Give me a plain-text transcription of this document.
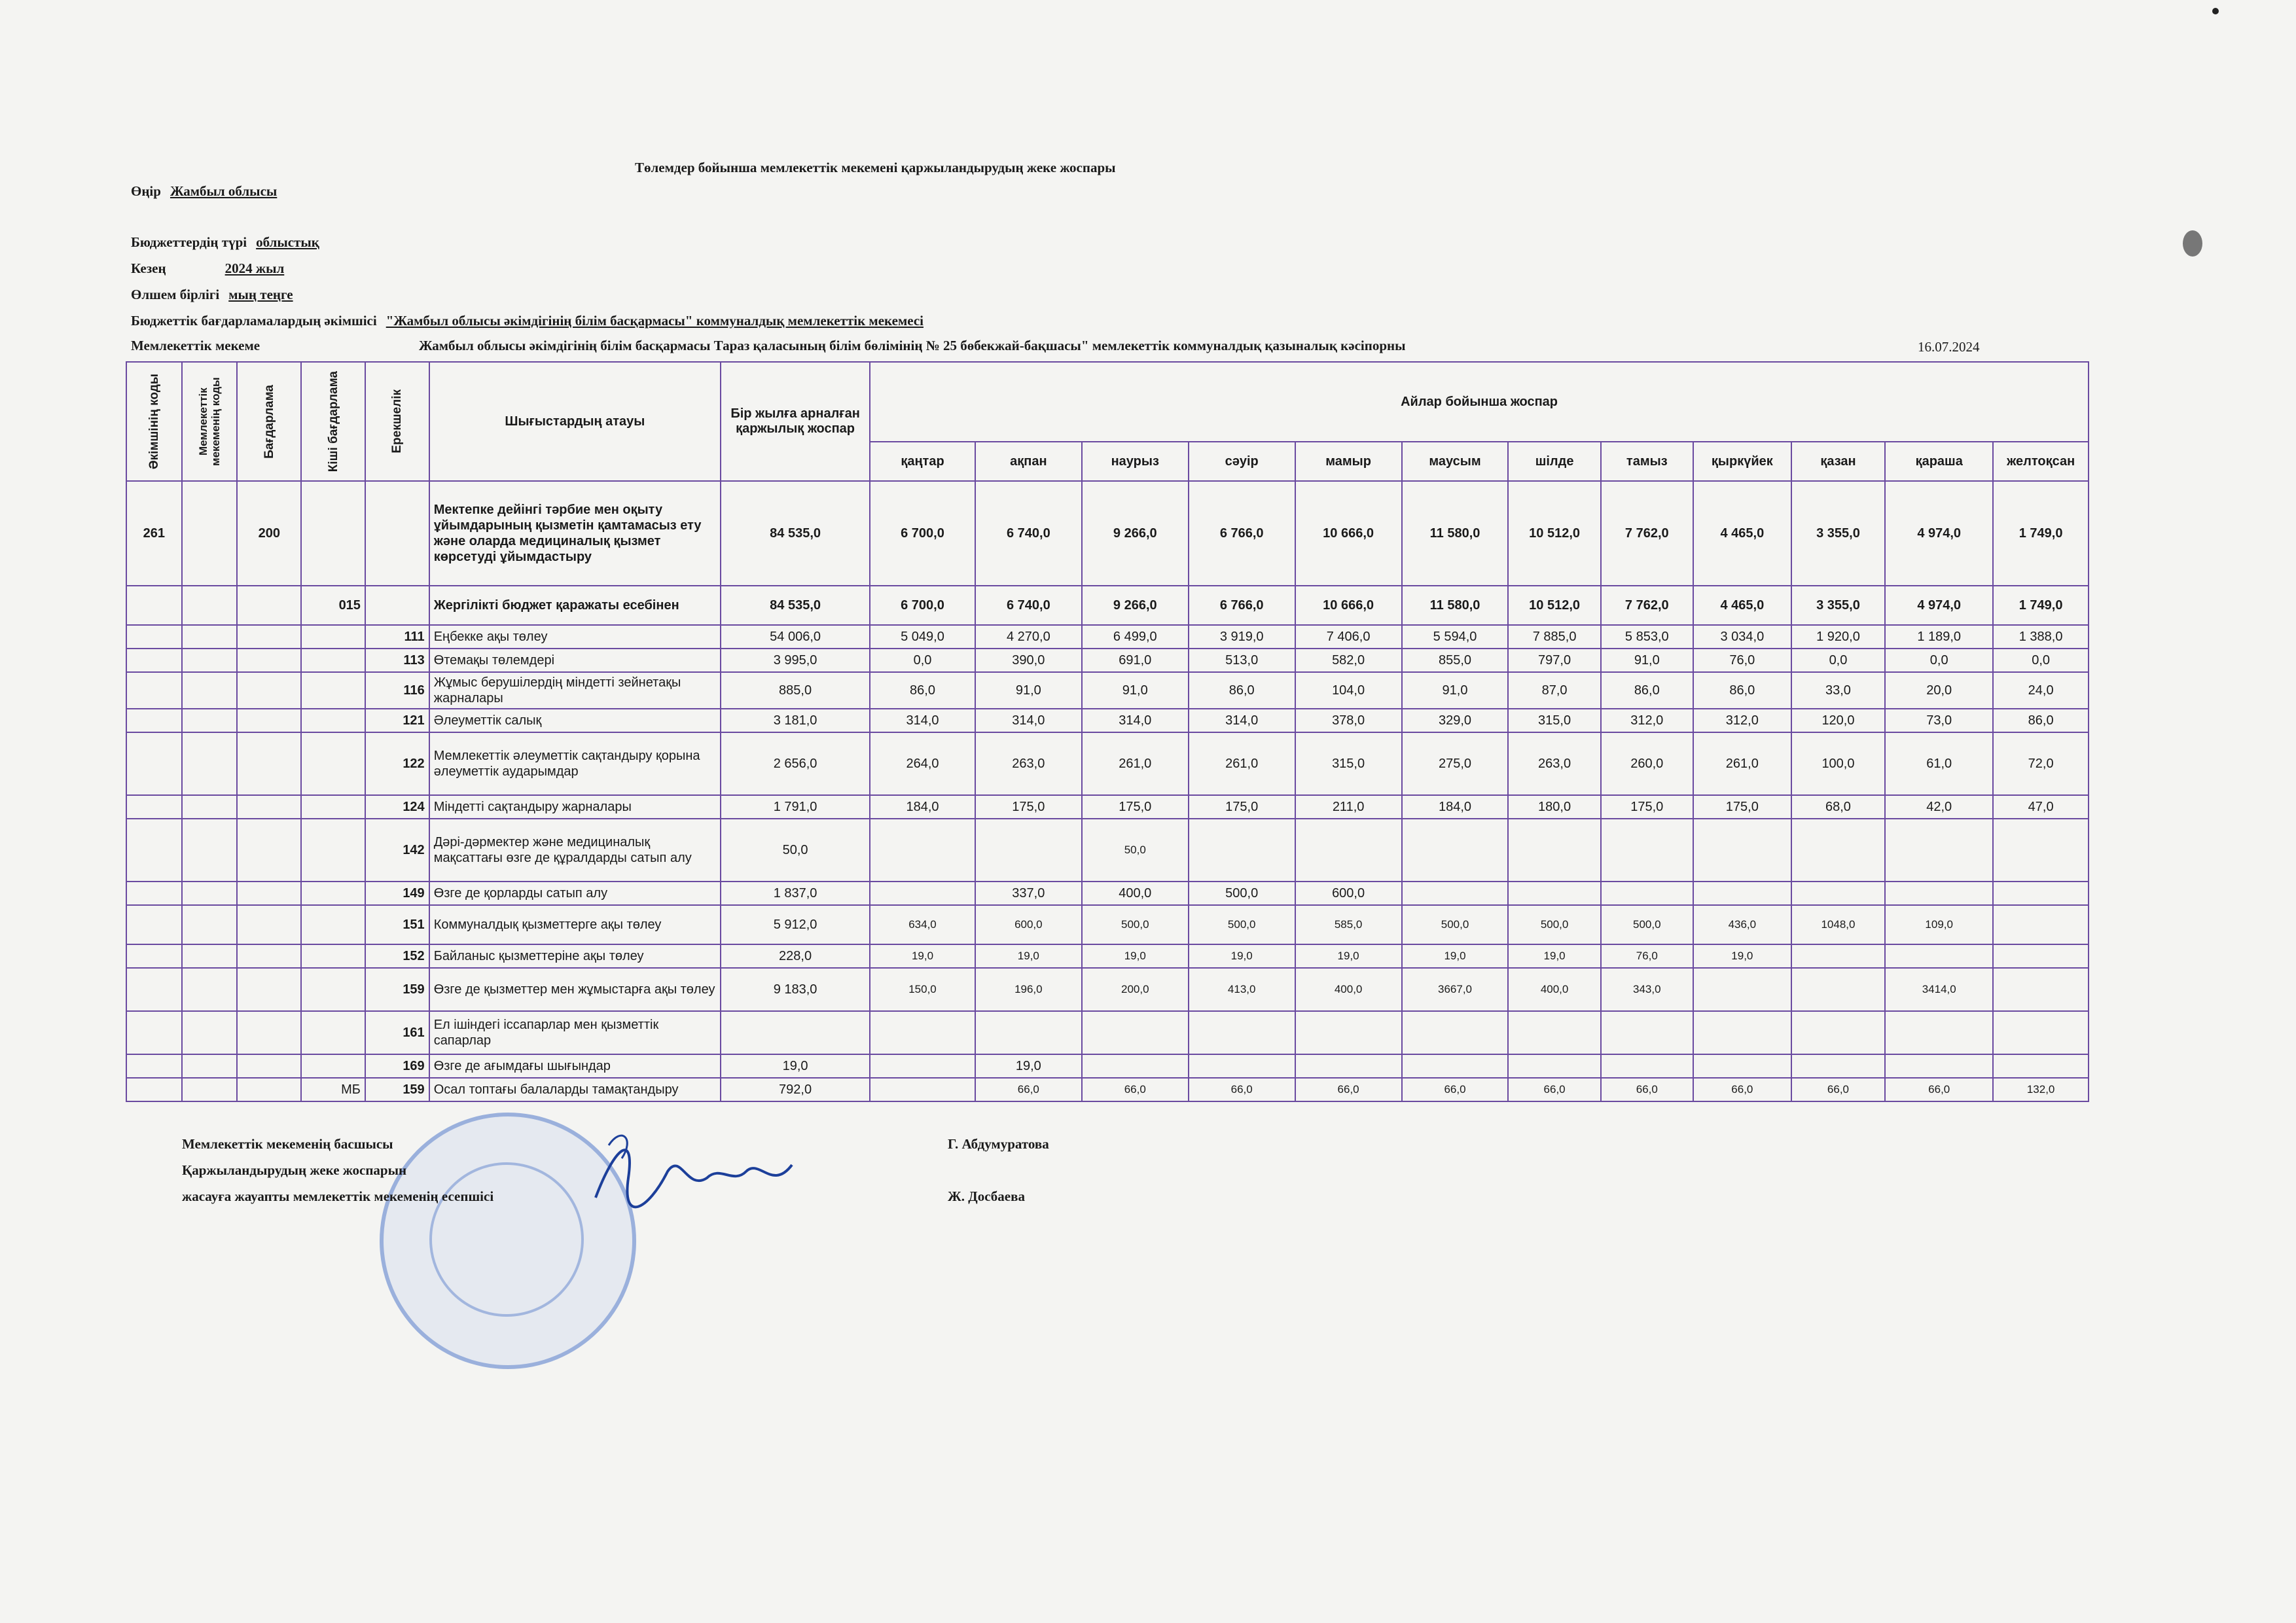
Төлемдер бойынша мемлекеттік мекемені қаржыландырудың жеке жоспары
Өңір Жамбыл облысы
Бюджеттердің түрі облыстық
Кезең	2024 жыл
Өлшем бірлігі мың теңге
Бюджеттік бағдарламалардың әкімшісі "Жамбыл облысы әкімдігінің білім басқармасы" коммуналдық мемлекеттік мекемесі
Мемлекеттік мекеме	Жамбыл облысы әкімдігінің білім басқармасы Тараз қаласының білім бөлімінің № 25 бөбекжай-бақшасы" мемлекеттік коммуналдық қазыналық кәсіпорны	16.07.2024
Әкімшінің коды	Мемлекеттік мекеменің коды	Бағдарлама	Кіші бағдарлама	Ерекшелік	Шығыстардың атауы	Бір жылға арналған қаржылық жоспар	Айлар бойынша жоспар											
							қаңтар	ақпан	наурыз	сәуір	мамыр	маусым	шілде	тамыз	қыркүйек	қазан	қараша	желтоқсан
261		200			Мектепке дейінгі тәрбие мен оқыту ұйымдарының қызметін қамтамасыз ету және оларда медициналық қызмет көрсетуді ұйымдастыру	84 535,0	6 700,0	6 740,0	9 266,0	6 766,0	10 666,0	11 580,0	10 512,0	7 762,0	4 465,0	3 355,0	4 974,0	1 749,0
			015		Жергілікті бюджет қаражаты есебінен	84 535,0	6 700,0	6 740,0	9 266,0	6 766,0	10 666,0	11 580,0	10 512,0	7 762,0	4 465,0	3 355,0	4 974,0	1 749,0
				111	Еңбекке ақы төлеу	54 006,0	5 049,0	4 270,0	6 499,0	3 919,0	7 406,0	5 594,0	7 885,0	5 853,0	3 034,0	1 920,0	1 189,0	1 388,0
				113	Өтемақы төлемдері	3 995,0	0,0	390,0	691,0	513,0	582,0	855,0	797,0	91,0	76,0	0,0	0,0	0,0
				116	Жұмыс берушілердің міндетті зейнетақы жарналары	885,0	86,0	91,0	91,0	86,0	104,0	91,0	87,0	86,0	86,0	33,0	20,0	24,0
				121	Әлеуметтік салық	3 181,0	314,0	314,0	314,0	314,0	378,0	329,0	315,0	312,0	312,0	120,0	73,0	86,0
				122	Мемлекеттік әлеуметтік сақтандыру қорына әлеуметтік аударымдар	2 656,0	264,0	263,0	261,0	261,0	315,0	275,0	263,0	260,0	261,0	100,0	61,0	72,0
				124	Міндетті сақтандыру жарналары	1 791,0	184,0	175,0	175,0	175,0	211,0	184,0	180,0	175,0	175,0	68,0	42,0	47,0
				142	Дәрі-дәрмектер және медициналық мақсаттағы өзге де құралдарды сатып алу	50,0			50,0									
				149	Өзге де қорларды сатып алу	1 837,0		337,0	400,0	500,0	600,0							
				151	Коммуналдық қызметтерге ақы төлеу	5 912,0	634,0	600,0	500,0	500,0	585,0	500,0	500,0	500,0	436,0	1048,0	109,0	
				152	Байланыс қызметтеріне ақы төлеу	228,0	19,0	19,0	19,0	19,0	19,0	19,0	19,0	76,0	19,0			
				159	Өзге де қызметтер мен жұмыстарға ақы төлеу	9 183,0	150,0	196,0	200,0	413,0	400,0	3667,0	400,0	343,0			3414,0	
				161	Ел ішіндегі іссапарлар мен қызметтік сапарлар													
				169	Өзге де ағымдағы шығындар	19,0		19,0										
			МБ	159	Осал топтағы балаларды тамақтандыру	792,0		66,0	66,0	66,0	66,0	66,0	66,0	66,0	66,0	66,0	66,0	132,0
Мемлекеттік мекеменің басшысы	Г. Абдумуратова
Қаржыландырудың жеке жоспарын
жасауға жауапты мемлекеттік мекеменің есепшісі	Ж. Досбаева
